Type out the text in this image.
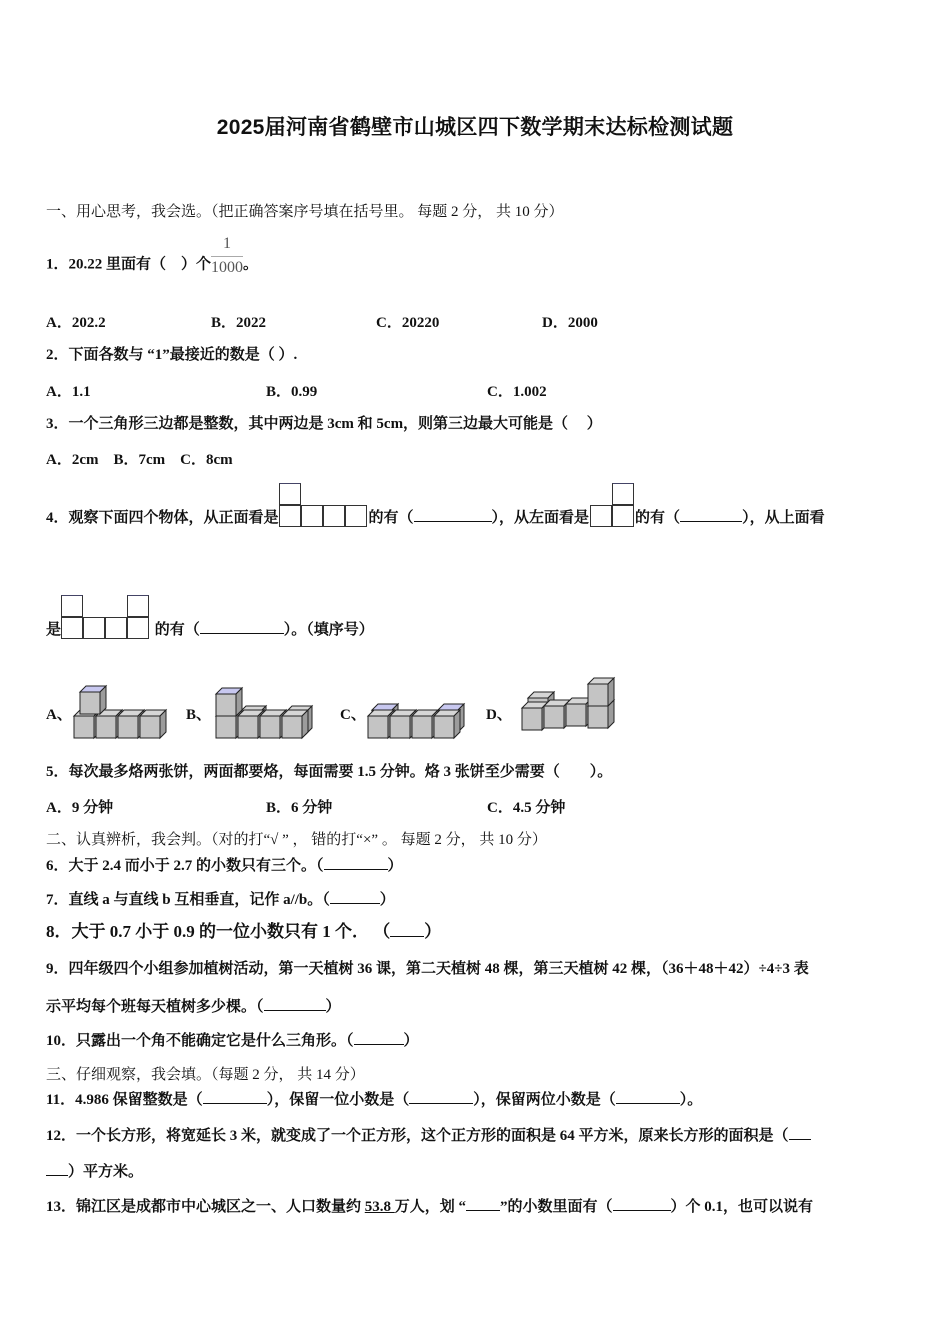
2025届河南省鹤壁市山城区四下数学期末达标检测试题
一、用心思考，我会选。（把正确答案序号填在括号里。 每题 2 分， 共 10 分）
1．20.22 里面有（　）个 $\frac{1}{1000}$ 。
A．202.2	B．2022	C．20220	D．2000
2．下面各数与 “1”最接近的数是（ ）.
A．1.1	B．0.99	C．1.002
3．一个三角形三边都是整数，其中两边是 3cm 和 5cm，则第三边最大可能是（　 ）
A．2cm　B．7cm　C．8cm
4．观察下面四个物体，从正面看是	的有（	），从左面看是	的有（	），从上面看
是	的有（	）。（填序号）
A、	B、	C、	D、
5．每次最多烙两张饼，两面都要烙，每面需要 1.5 分钟。烙 3 张饼至少需要（　　）。
A．9 分钟	B．6 分钟	C．4.5 分钟
二、认真辨析，我会判。（对的打“√ ” ， 错的打“×” 。 每题 2 分， 共 10 分）
6．大于 2.4 而小于 2.7 的小数只有三个。（	）
7．直线 a 与直线 b 互相垂直，记作 a//b。（	）
8．大于 0.7 小于 0.9 的一位小数只有 1 个． （ ）
9．四年级四个小组参加植树活动，第一天植树 36 课，第二天植树 48 棵，第三天植树 42 棵，（36＋48＋42）÷4÷3 表
示平均每个班每天植树多少棵。（	）
10．只露出一个角不能确定它是什么三角形。（	）
三、仔细观察，我会填。（每题 2 分， 共 14 分）
11．4.986 保留整数是（	），保留一位小数是（	），保留两位小数是（	）。
12．一个长方形，将宽延长 3 米，就变成了一个正方形，这个正方形的面积是 64 平方米，原来长方形的面积是（
）平方米。
13．锦江区是成都市中心城区之一、人口数量约 53.8 万人，划 “ ”的小数里面有（	）个 0.1，也可以说有
